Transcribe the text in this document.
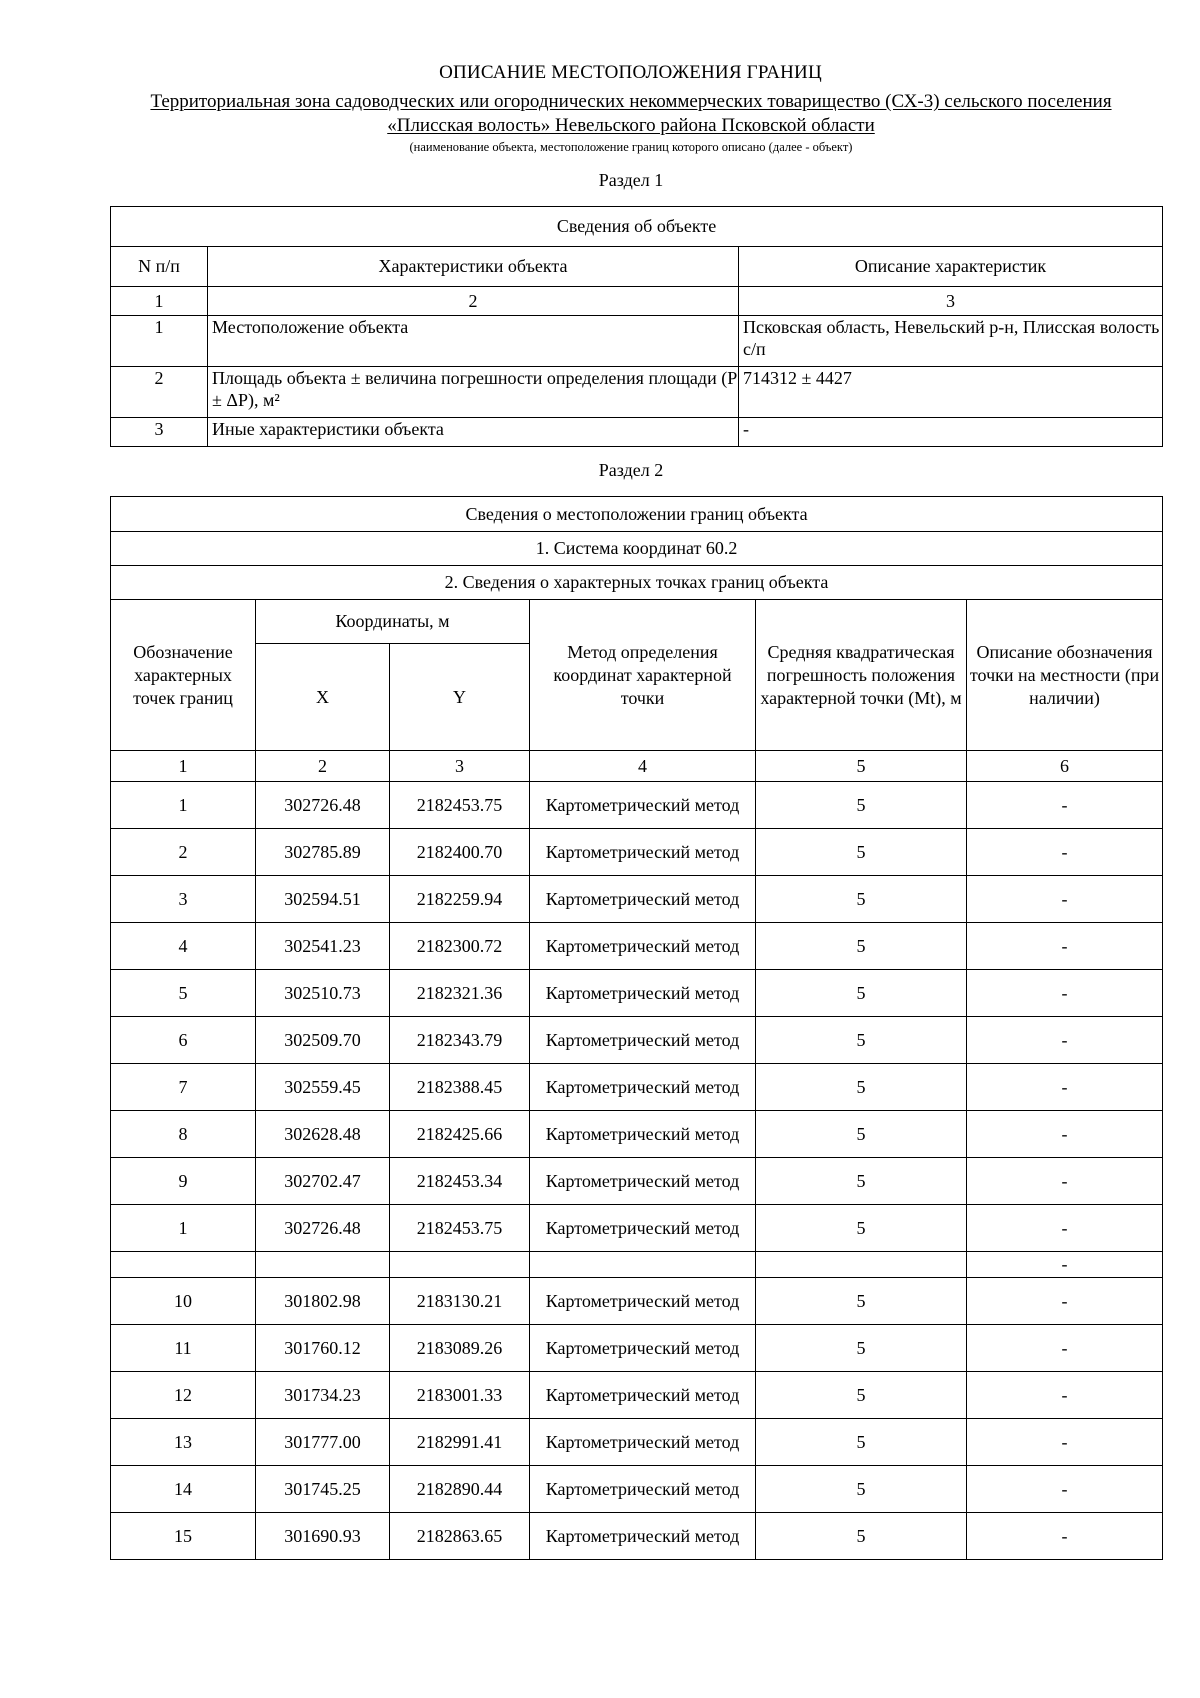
ОПИСАНИЕ МЕСТОПОЛОЖЕНИЯ ГРАНИЦ
Территориальная зона садоводческих или огороднических некоммерческих товарищество (СХ-3) сельского поселения
«Плисская волость» Невельского района Псковской области
(наименование объекта, местоположение границ которого описано (далее - объект)
Раздел 1
Сведения об объекте		
N п/п	Характеристики объекта	Описание характеристик
1	2	3
1	Местоположение объекта	Псковская область, Невельский р-н, Плисская волость с/п
2	Площадь объекта ± величина погрешности определения площади (P ± ΔP), м²	714312 ± 4427
3	Иные характеристики объекта	-
Раздел 2
Сведения о местоположении границ объекта					
1. Система координат 60.2					
2. Сведения о характерных точках границ объекта					
Обозначение характерных точек границ	Координаты, м		Метод определения координат характерной точки	Средняя квадратическая погрешность положения характерной точки (Mt), м	Описание обозначения точки на местности (при наличии)
	X	Y			
1	2	3	4	5	6
1	302726.48	2182453.75	Картометрический метод	5	-
2	302785.89	2182400.70	Картометрический метод	5	-
3	302594.51	2182259.94	Картометрический метод	5	-
4	302541.23	2182300.72	Картометрический метод	5	-
5	302510.73	2182321.36	Картометрический метод	5	-
6	302509.70	2182343.79	Картометрический метод	5	-
7	302559.45	2182388.45	Картометрический метод	5	-
8	302628.48	2182425.66	Картометрический метод	5	-
9	302702.47	2182453.34	Картометрический метод	5	-
1	302726.48	2182453.75	Картометрический метод	5	-
					-
10	301802.98	2183130.21	Картометрический метод	5	-
11	301760.12	2183089.26	Картометрический метод	5	-
12	301734.23	2183001.33	Картометрический метод	5	-
13	301777.00	2182991.41	Картометрический метод	5	-
14	301745.25	2182890.44	Картометрический метод	5	-
15	301690.93	2182863.65	Картометрический метод	5	-
